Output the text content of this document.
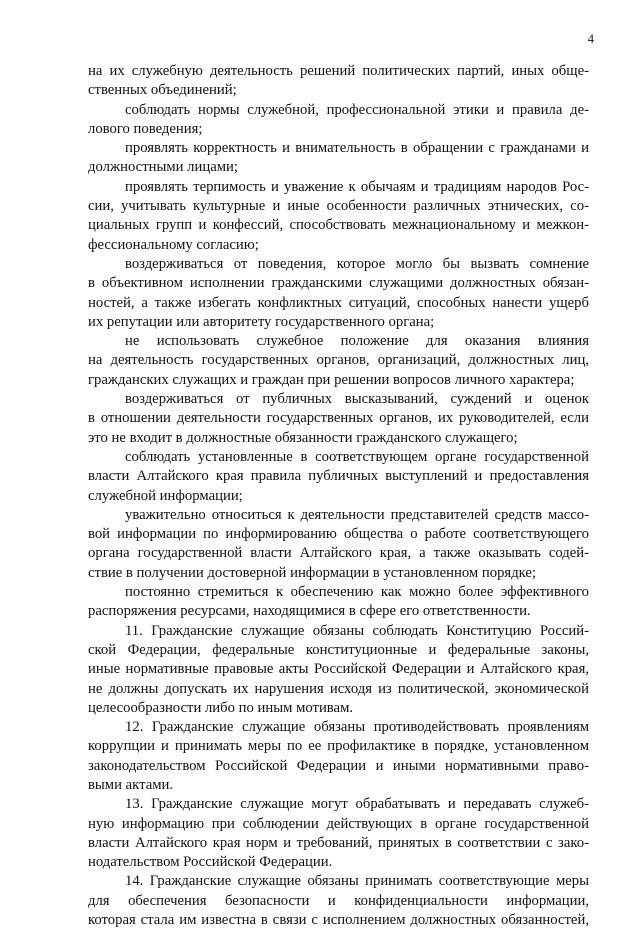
4
на их служебную деятельность решений политических партий, иных обще-
ственных объединений;
соблюдать нормы служебной, профессиональной этики и правила де-
лового поведения;
проявлять корректность и внимательность в обращении с гражданами и
должностными лицами;
проявлять терпимость и уважение к обычаям и традициям народов Рос-
сии, учитывать культурные и иные особенности различных этнических, со-
циальных групп и конфессий, способствовать межнациональному и межкон-
фессиональному согласию;
воздерживаться от поведения, которое могло бы вызвать сомнение
в объективном исполнении гражданскими служащими должностных обязан-
ностей, а также избегать конфликтных ситуаций, способных нанести ущерб
их репутации или авторитету государственного органа;
не использовать служебное положение для оказания влияния
на деятельность государственных органов, организаций, должностных лиц,
гражданских служащих и граждан при решении вопросов личного характера;
воздерживаться от публичных высказываний, суждений и оценок
в отношении деятельности государственных органов, их руководителей, если
это не входит в должностные обязанности гражданского служащего;
соблюдать установленные в соответствующем органе государственной
власти Алтайского края правила публичных выступлений и предоставления
служебной информации;
уважительно относиться к деятельности представителей средств массо-
вой информации по информированию общества о работе соответствующего
органа государственной власти Алтайского края, а также оказывать содей-
ствие в получении достоверной информации в установленном порядке;
постоянно стремиться к обеспечению как можно более эффективного
распоряжения ресурсами, находящимися в сфере его ответственности.
11. Гражданские служащие обязаны соблюдать Конституцию Россий-
ской Федерации, федеральные конституционные и федеральные законы,
иные нормативные правовые акты Российской Федерации и Алтайского края,
не должны допускать их нарушения исходя из политической, экономической
целесообразности либо по иным мотивам.
12. Гражданские служащие обязаны противодействовать проявлениям
коррупции и принимать меры по ее профилактике в порядке, установленном
законодательством Российской Федерации и иными нормативными право-
выми актами.
13. Гражданские служащие могут обрабатывать и передавать служеб-
ную информацию при соблюдении действующих в органе государственной
власти Алтайского края норм и требований, принятых в соответствии с зако-
нодательством Российской Федерации.
14. Гражданские служащие обязаны принимать соответствующие меры
для обеспечения безопасности и конфиденциальности информации,
которая стала им известна в связи с исполнением должностных обязанностей,
